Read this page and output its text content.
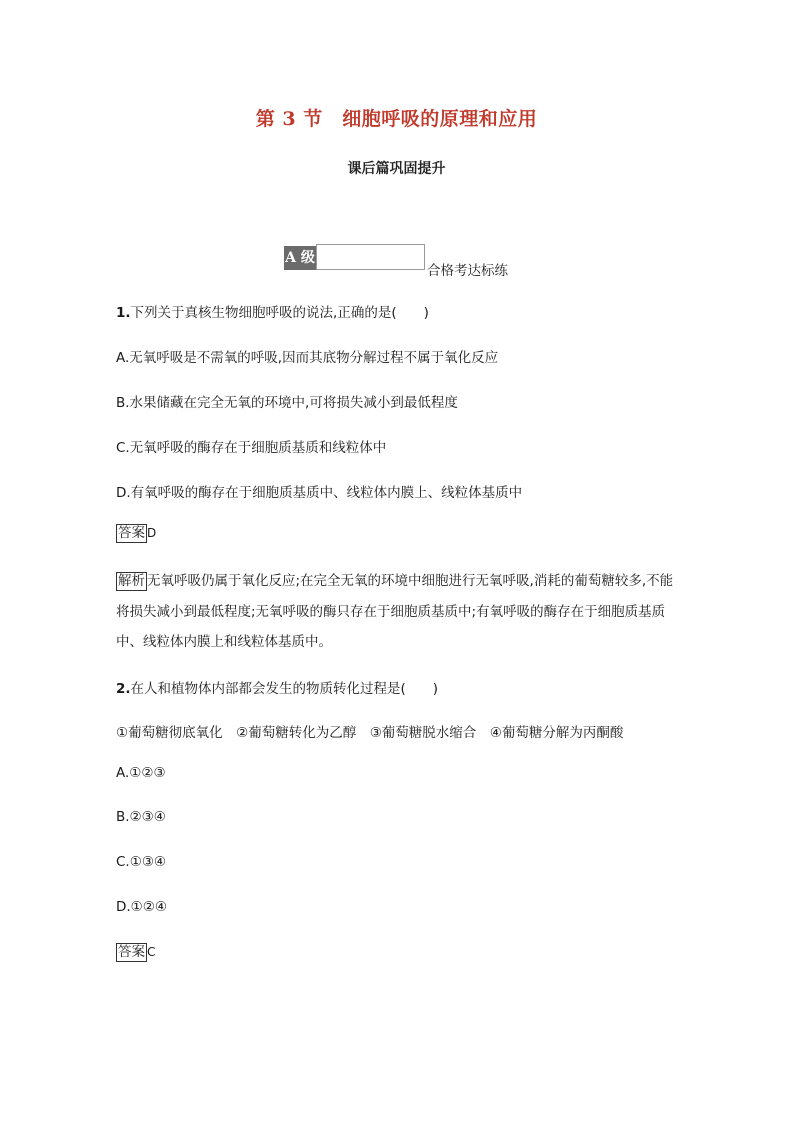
第 3 节　细胞呼吸的原理和应用
课后篇巩固提升
A 级
合格考达标练
1.下列关于真核生物细胞呼吸的说法,正确的是(　　)
A.无氧呼吸是不需氧的呼吸,因而其底物分解过程不属于氧化反应
B.水果储藏在完全无氧的环境中,可将损失减小到最低程度
C.无氧呼吸的酶存在于细胞质基质和线粒体中
D.有氧呼吸的酶存在于细胞质基质中、线粒体内膜上、线粒体基质中
答案 D
解析 无氧呼吸仍属于氧化反应;在完全无氧的环境中细胞进行无氧呼吸,消耗的葡萄糖较多,不能将损失减小到最低程度;无氧呼吸的酶只存在于细胞质基质中;有氧呼吸的酶存在于细胞质基质中、线粒体内膜上和线粒体基质中。
2.在人和植物体内部都会发生的物质转化过程是(　　)
①葡萄糖彻底氧化　②葡萄糖转化为乙醇　③葡萄糖脱水缩合　④葡萄糖分解为丙酮酸
A.①②③
B.②③④
C.①③④
D.①②④
答案 C
